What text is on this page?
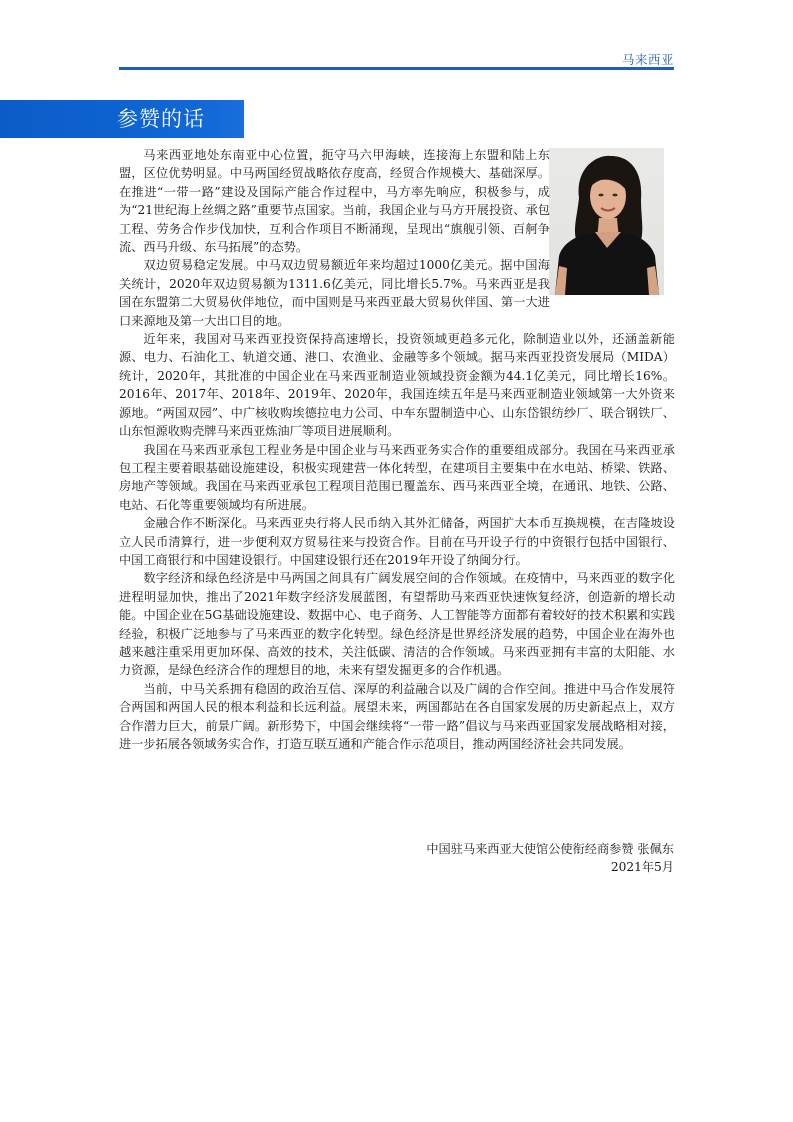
马来西亚
参赞的话

马来西亚地处东南亚中心位置，扼守马六甲海峡，连接海上东盟和陆上东盟，区位优势明显。中马两国经贸战略依存度高，经贸合作规模大、基础深厚。在推进“一带一路”建设及国际产能合作过程中，马方率先响应，积极参与，成为“21世纪海上丝绸之路”重要节点国家。当前，我国企业与马方开展投资、承包工程、劳务合作步伐加快，互利合作项目不断涌现，呈现出“旗舰引领、百舸争流、西马升级、东马拓展”的态势。

双边贸易稳定发展。中马双边贸易额近年来均超过1000亿美元。据中国海关统计，2020年双边贸易额为1311.6亿美元，同比增长5.7%。马来西亚是我国在东盟第二大贸易伙伴地位，而中国则是马来西亚最大贸易伙伴国、第一大进口来源地及第一大出口目的地。

近年来，我国对马来西亚投资保持高速增长，投资领域更趋多元化，除制造业以外，还涵盖新能源、电力、石油化工、轨道交通、港口、农渔业、金融等多个领域。据马来西亚投资发展局（MIDA）统计，2020年，其批准的中国企业在马来西亚制造业领域投资金额为44.1亿美元，同比增长16%。2016年、2017年、2018年、2019年、2020年，我国连续五年是马来西亚制造业领域第一大外资来源地。“两国双园”、中广核收购埃德拉电力公司、中车东盟制造中心、山东岱银纺纱厂、联合钢铁厂、山东恒源收购壳牌马来西亚炼油厂等项目进展顺利。

我国在马来西亚承包工程业务是中国企业与马来西亚务实合作的重要组成部分。我国在马来西亚承包工程主要着眼基础设施建设，积极实现建营一体化转型，在建项目主要集中在水电站、桥梁、铁路、房地产等领域。我国在马来西亚承包工程项目范围已覆盖东、西马来西亚全境，在通讯、地铁、公路、电站、石化等重要领域均有所进展。

金融合作不断深化。马来西亚央行将人民币纳入其外汇储备，两国扩大本币互换规模，在吉隆坡设立人民币清算行，进一步便利双方贸易往来与投资合作。目前在马开设子行的中资银行包括中国银行、中国工商银行和中国建设银行。中国建设银行还在2019年开设了纳闽分行。

数字经济和绿色经济是中马两国之间具有广阔发展空间的合作领域。在疫情中，马来西亚的数字化进程明显加快，推出了2021年数字经济发展蓝图，有望帮助马来西亚快速恢复经济，创造新的增长动能。中国企业在5G基础设施建设、数据中心、电子商务、人工智能等方面都有着较好的技术积累和实践经验，积极广泛地参与了马来西亚的数字化转型。绿色经济是世界经济发展的趋势，中国企业在海外也越来越注重采用更加环保、高效的技术，关注低碳、清洁的合作领域。马来西亚拥有丰富的太阳能、水力资源，是绿色经济合作的理想目的地，未来有望发掘更多的合作机遇。

当前，中马关系拥有稳固的政治互信、深厚的利益融合以及广阔的合作空间。推进中马合作发展符合两国和两国人民的根本利益和长远利益。展望未来，两国都站在各自国家发展的历史新起点上，双方合作潜力巨大，前景广阔。新形势下，中国会继续将“一带一路”倡议与马来西亚国家发展战略相对接，进一步拓展各领域务实合作，打造互联互通和产能合作示范项目，推动两国经济社会共同发展。

中国驻马来西亚大使馆公使衔经商参赞 张佩东
2021年5月
